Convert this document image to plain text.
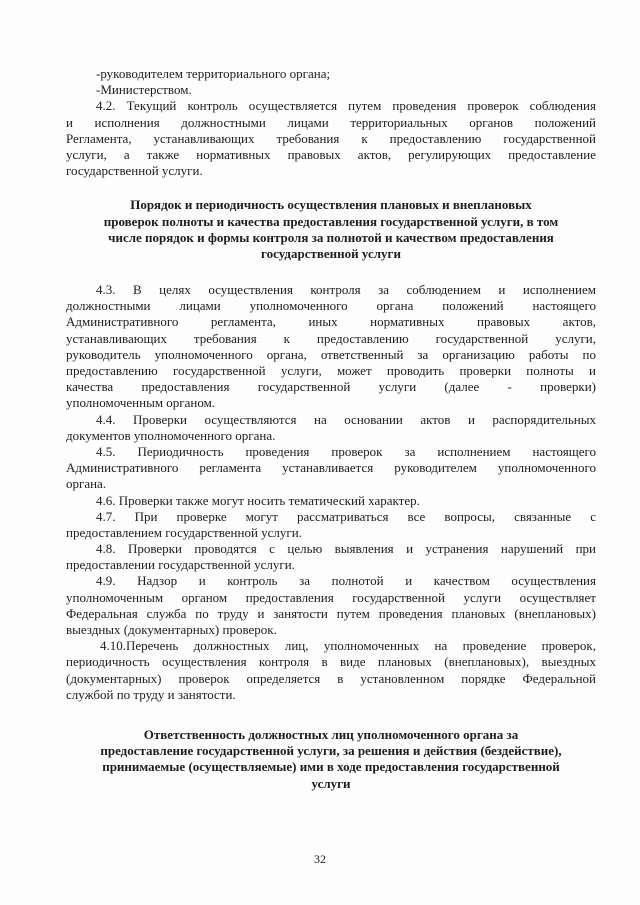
-руководителем территориального органа;
-Министерством.
4.2. Текущий контроль осуществляется путем проведения проверок соблюдения
и исполнения должностными лицами территориальных органов положений
Регламента, устанавливающих требования к предоставлению государственной
услуги, а также нормативных правовых актов, регулирующих предоставление
государственной услуги.
Порядок и периодичность осуществления плановых и внеплановых
проверок полноты и качества предоставления государственной услуги, в том
числе порядок и формы контроля за полнотой и качеством предоставления
государственной услуги
4.3. В целях осуществления контроля за соблюдением и исполнением
должностными лицами уполномоченного органа положений настоящего
Административного регламента, иных нормативных правовых актов,
устанавливающих требования к предоставлению государственной услуги,
руководитель уполномоченного органа, ответственный за организацию работы по
предоставлению государственной услуги, может проводить проверки полноты и
качества предоставления государственной услуги (далее - проверки)
уполномоченным органом.
4.4. Проверки осуществляются на основании актов и распорядительных
документов уполномоченного органа.
4.5. Периодичность проведения проверок за исполнением настоящего
Административного регламента устанавливается руководителем уполномоченного
органа.
4.6. Проверки также могут носить тематический характер.
4.7. При проверке могут рассматриваться все вопросы, связанные с
предоставлением государственной услуги.
4.8. Проверки проводятся с целью выявления и устранения нарушений при
предоставлении государственной услуги.
4.9. Надзор и контроль за полнотой и качеством осуществления
уполномоченным органом предоставления государственной услуги осуществляет
Федеральная служба по труду и занятости путем проведения плановых (внеплановых)
выездных (документарных) проверок.
4.10.Перечень должностных лиц, уполномоченных на проведение проверок,
периодичность осуществления контроля в виде плановых (внеплановых), выездных
(документарных) проверок определяется в установленном порядке Федеральной
службой по труду и занятости.
Ответственность должностных лиц уполномоченного органа за
предоставление государственной услуги, за решения и действия (бездействие),
принимаемые (осуществляемые) ими в ходе предоставления государственной
услуги
32
